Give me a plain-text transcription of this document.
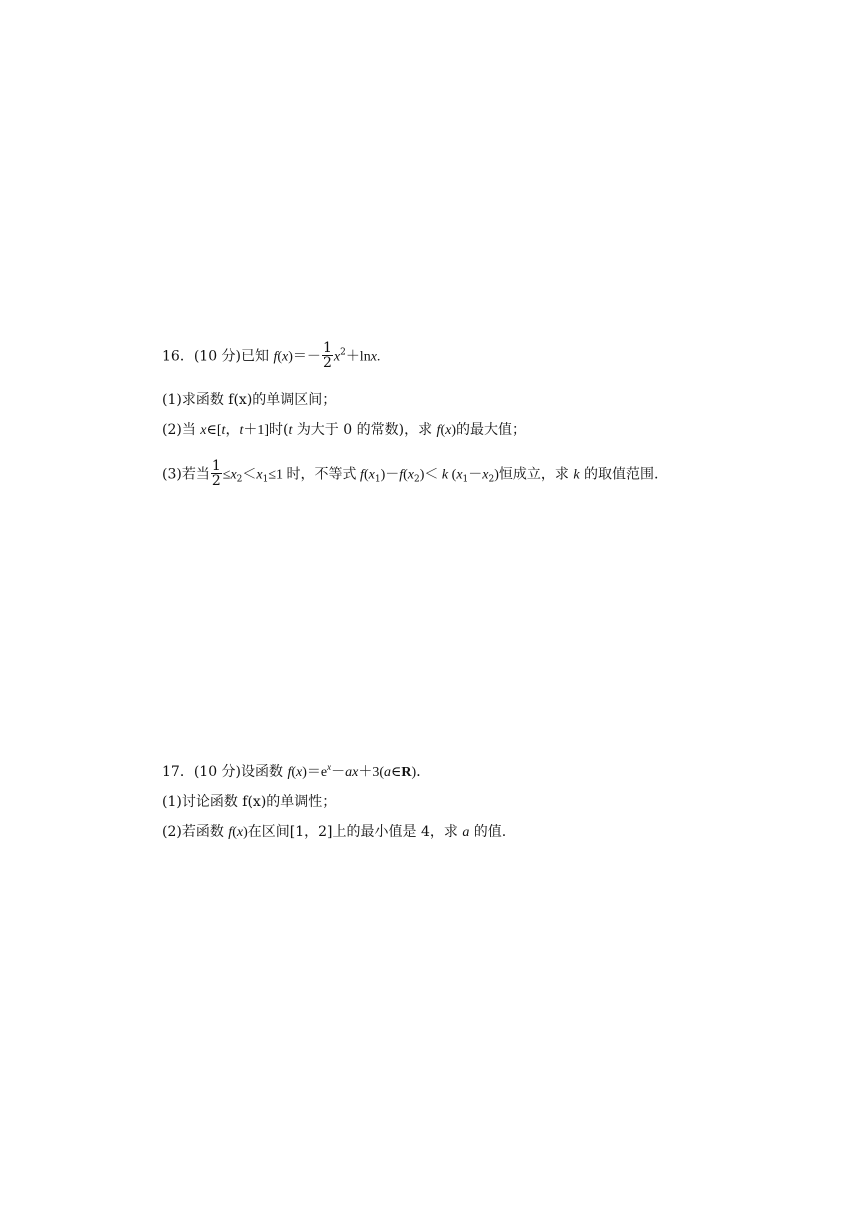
16．(10 分)已知 $f(x)=- \frac{1}{2} x^2+\ln x$.
(1)求函数 f(x)的单调区间；
(2)当 x∈[t，t＋1]时(t 为大于 0 的常数)，求 f(x)的最大值；
(3)若当 $\frac{1}{2} \le x_2<x_1\le 1$ 时，不等式 $f(x_1)-f(x_2)< k$ $(x_1-x_2)$恒成立，求 k 的取值范围.
17．(10 分)设函数 $f(x)=e^x-ax+3(a\in R)$．
(1)讨论函数 f(x)的单调性；
(2)若函数 f(x)在区间[1，2]上的最小值是 4，求 a 的值.
